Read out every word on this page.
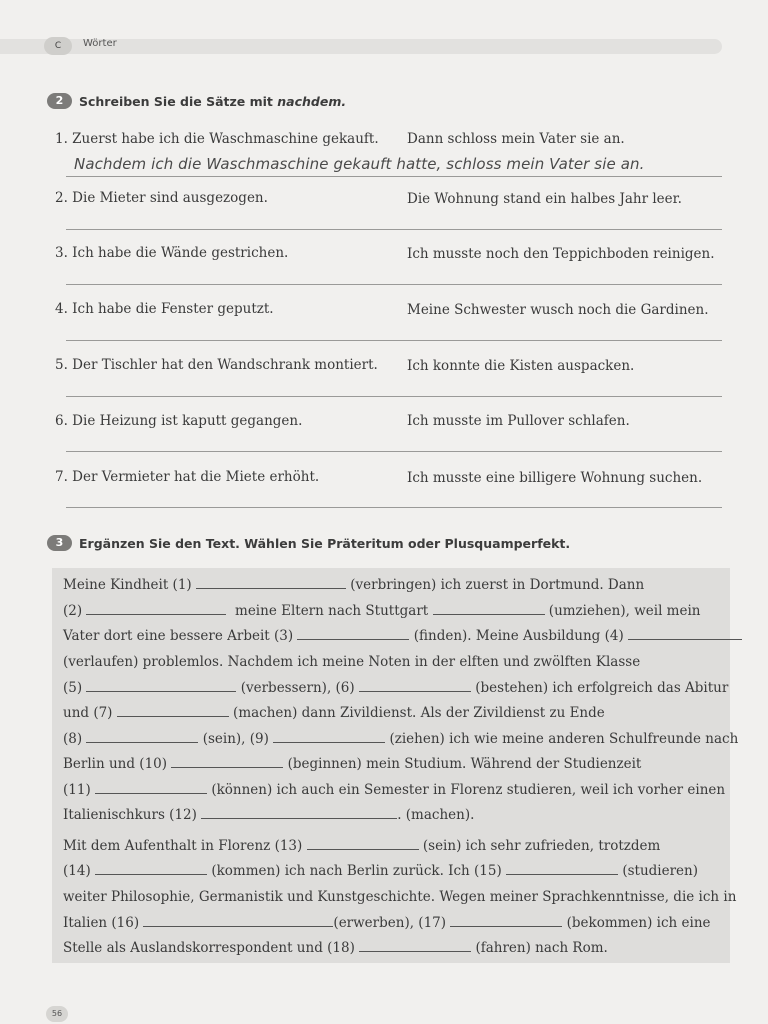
C	Wörter
2	Schreiben Sie die Sätze mit
nachdem.
1. Zuerst habe ich die Waschmaschine gekauft. Dann schloss mein Vater sie an.
Nachdem ich die Waschmaschine gekauft hatte, schloss mein Vater sie an.
2. Die Mieter sind ausgezogen.	Die Wohnung stand ein halbes Jahr leer.
3. Ich habe die Wände gestrichen.	Ich musste noch den Teppichboden reinigen.
4. Ich habe die Fenster geputzt.	Meine Schwester wusch noch die Gardinen.
5. Der Tischler hat den Wandschrank montiert. Ich konnte die Kisten auspacken.
6. Die Heizung ist kaputt gegangen.	Ich musste im Pullover schlafen.
7. Der Vermieter hat die Miete erhöht.	Ich musste eine billigere Wohnung suchen.
3	Ergänzen Sie den Text. Wählen Sie Präteritum oder Plusquamperfekt.
Meine Kindheit (1)	(verbringen) ich zuerst in Dortmund. Dann
(2)	meine Eltern nach Stuttgart	(umziehen), weil mein
Vater dort eine bessere Arbeit (3)	(finden). Meine Ausbildung (4)
(verlaufen) problemlos. Nachdem ich meine Noten in der elften und zwölften Klasse
(5)	(verbessern), (6)	(bestehen) ich erfolgreich das Abitur
und (7)	(machen) dann Zivildienst. Als der Zivildienst zu Ende
(8)	(sein), (9)	(ziehen) ich wie meine anderen Schulfreunde nach
Berlin und (10)	(beginnen) mein Studium. Während der Studienzeit
(11)	(können) ich auch ein Semester in Florenz studieren, weil ich vorher einen
Italienischkurs (12)	. (machen).
Mit dem Aufenthalt in Florenz (13)	(sein) ich sehr zufrieden, trotzdem
(14)	(kommen) ich nach Berlin zurück. Ich (15)	(studieren)
weiter Philosophie, Germanistik und Kunstgeschichte. Wegen meiner Sprachkenntnisse, die ich in
Italien (16)	(erwerben), (17)	(bekommen) ich eine
Stelle als Auslandskorrespondent und (18)	(fahren) nach Rom.
56
